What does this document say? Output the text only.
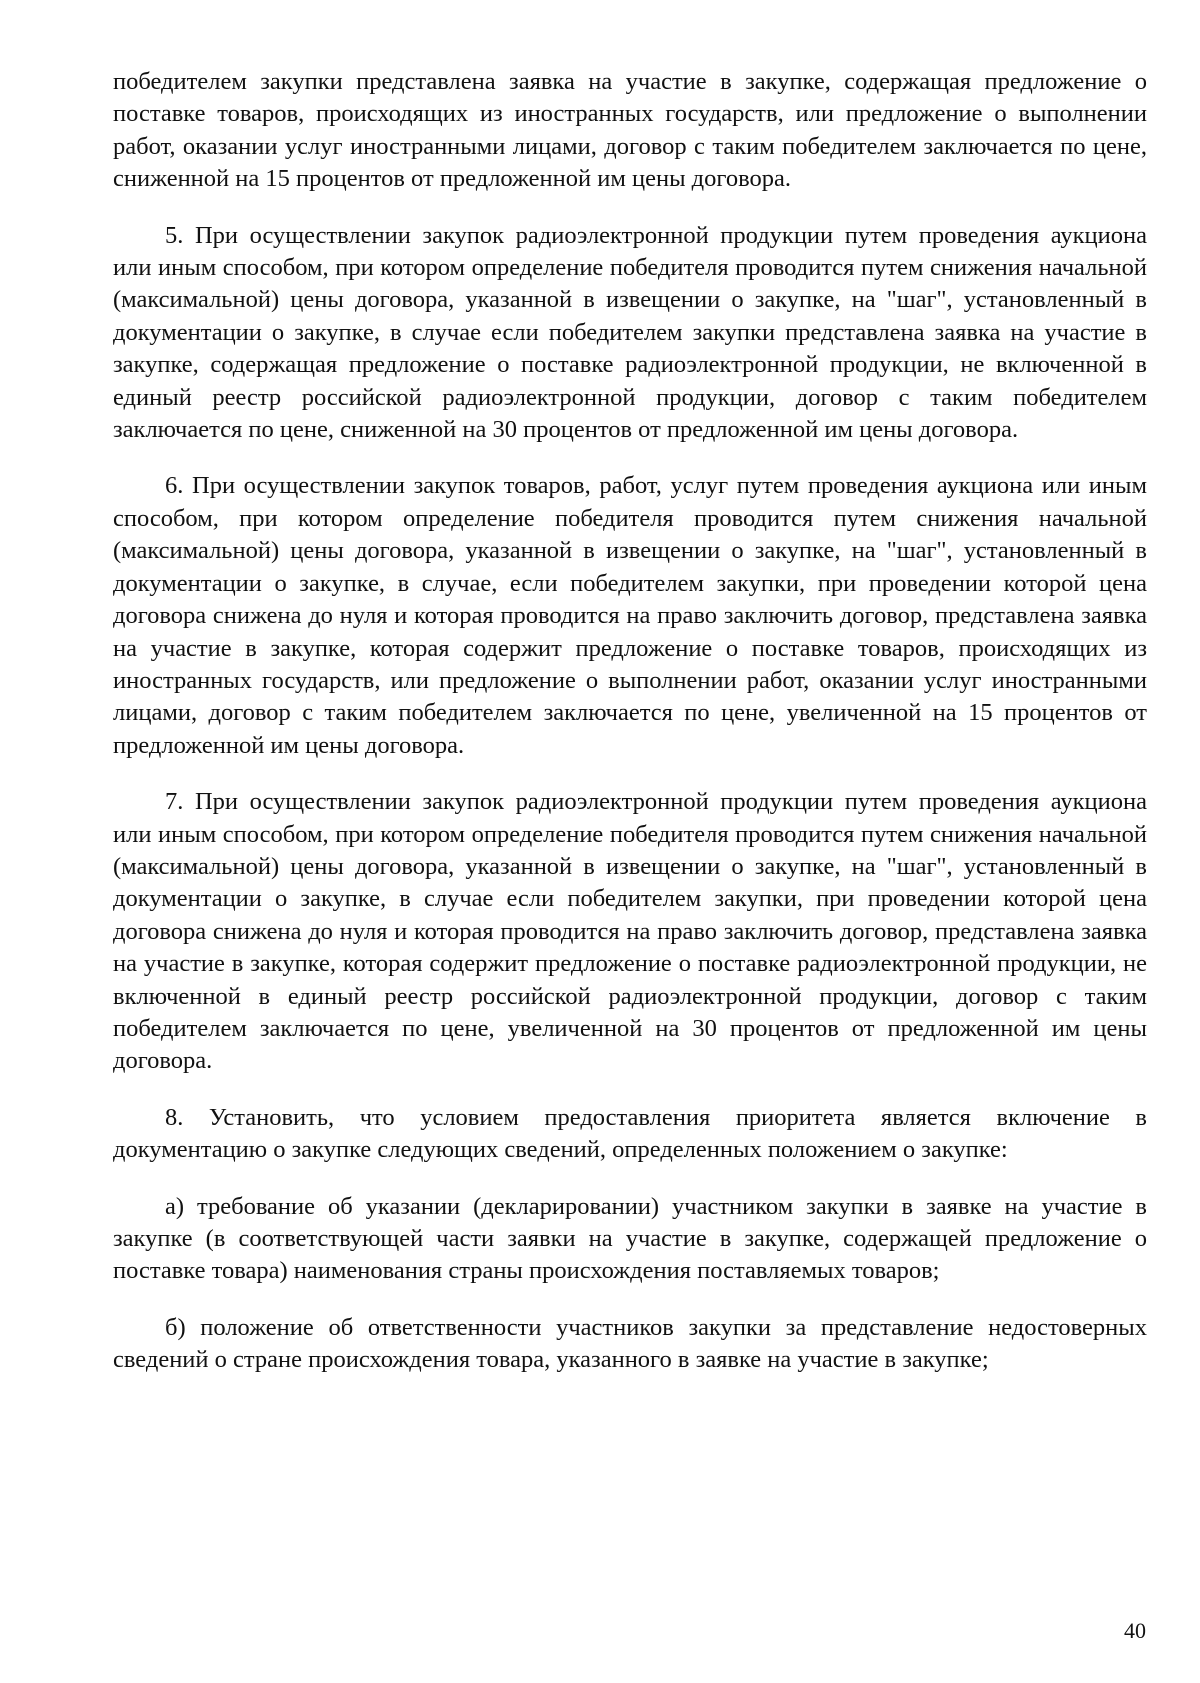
победителем закупки представлена заявка на участие в закупке, содержащая предложение о поставке товаров, происходящих из иностранных государств, или предложение о выполнении работ, оказании услуг иностранными лицами, договор с таким победителем заключается по цене, сниженной на 15 процентов от предложенной им цены договора.

5. При осуществлении закупок радиоэлектронной продукции путем проведения аукциона или иным способом, при котором определение победителя проводится путем снижения начальной (максимальной) цены договора, указанной в извещении о закупке, на "шаг", установленный в документации о закупке, в случае если победителем закупки представлена заявка на участие в закупке, содержащая предложение о поставке радиоэлектронной продукции, не включенной в единый реестр российской радиоэлектронной продукции, договор с таким победителем заключается по цене, сниженной на 30 процентов от предложенной им цены договора.

6. При осуществлении закупок товаров, работ, услуг путем проведения аукциона или иным способом, при котором определение победителя проводится путем снижения начальной (максимальной) цены договора, указанной в извещении о закупке, на "шаг", установленный в документации о закупке, в случае, если победителем закупки, при проведении которой цена договора снижена до нуля и которая проводится на право заключить договор, представлена заявка на участие в закупке, которая содержит предложение о поставке товаров, происходящих из иностранных государств, или предложение о выполнении работ, оказании услуг иностранными лицами, договор с таким победителем заключается по цене, увеличенной на 15 процентов от предложенной им цены договора.

7. При осуществлении закупок радиоэлектронной продукции путем проведения аукциона или иным способом, при котором определение победителя проводится путем снижения начальной (максимальной) цены договора, указанной в извещении о закупке, на "шаг", установленный в документации о закупке, в случае если победителем закупки, при проведении которой цена договора снижена до нуля и которая проводится на право заключить договор, представлена заявка на участие в закупке, которая содержит предложение о поставке радиоэлектронной продукции, не включенной в единый реестр российской радиоэлектронной продукции, договор с таким победителем заключается по цене, увеличенной на 30 процентов от предложенной им цены договора.

8. Установить, что условием предоставления приоритета является включение в документацию о закупке следующих сведений, определенных положением о закупке:

а) требование об указании (декларировании) участником закупки в заявке на участие в закупке (в соответствующей части заявки на участие в закупке, содержащей предложение о поставке товара) наименования страны происхождения поставляемых товаров;

б) положение об ответственности участников закупки за представление недостоверных сведений о стране происхождения товара, указанного в заявке на участие в закупке;

40
